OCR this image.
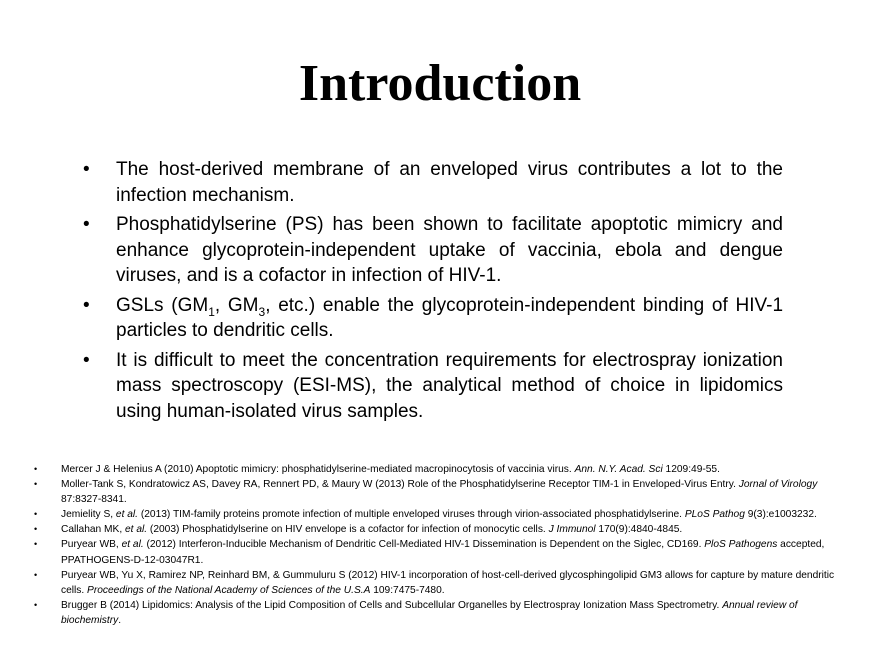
Introduction
• The host-derived membrane of an enveloped virus contributes a lot to the infection mechanism.
• Phosphatidylserine (PS) has been shown to facilitate apoptotic mimicry and enhance glycoprotein-independent uptake of vaccinia, ebola and dengue viruses, and is a cofactor in infection of HIV-1.
• GSLs ($GM_1$, $GM_3$, etc.) enable the glycoprotein-independent binding of HIV-1 particles to dendritic cells.
• It is difficult to meet the concentration requirements for electrospray ionization mass spectroscopy (ESI-MS), the analytical method of choice in lipidomics using human-isolated virus samples.
• Mercer J & Helenius A (2010) Apoptotic mimicry: phosphatidylserine-mediated macropinocytosis of vaccinia virus. Ann. N.Y. Acad. Sci 1209:49-55.
• Moller-Tank S, Kondratowicz AS, Davey RA, Rennert PD, & Maury W (2013) Role of the Phosphatidylserine Receptor TIM-1 in Enveloped-Virus Entry. Jornal of Virology 87:8327-8341.
• Jemielity S, et al. (2013) TIM-family proteins promote infection of multiple enveloped viruses through virion-associated phosphatidylserine. PLoS Pathog 9(3):e1003232.
• Callahan MK, et al. (2003) Phosphatidylserine on HIV envelope is a cofactor for infection of monocytic cells. J Immunol 170(9):4840-4845.
• Puryear WB, et al. (2012) Interferon-Inducible Mechanism of Dendritic Cell-Mediated HIV-1 Dissemination is Dependent on the Siglec, CD169. PloS Pathogens accepted, PPATHOGENS-D-12-03047R1.
• Puryear WB, Yu X, Ramirez NP, Reinhard BM, & Gummuluru S (2012) HIV-1 incorporation of host-cell-derived glycosphingolipid GM3 allows for capture by mature dendritic cells. Proceedings of the National Academy of Sciences of the U.S.A 109:7475-7480.
• Brugger B (2014) Lipidomics: Analysis of the Lipid Composition of Cells and Subcellular Organelles by Electrospray Ionization Mass Spectrometry. Annual review of biochemistry.
